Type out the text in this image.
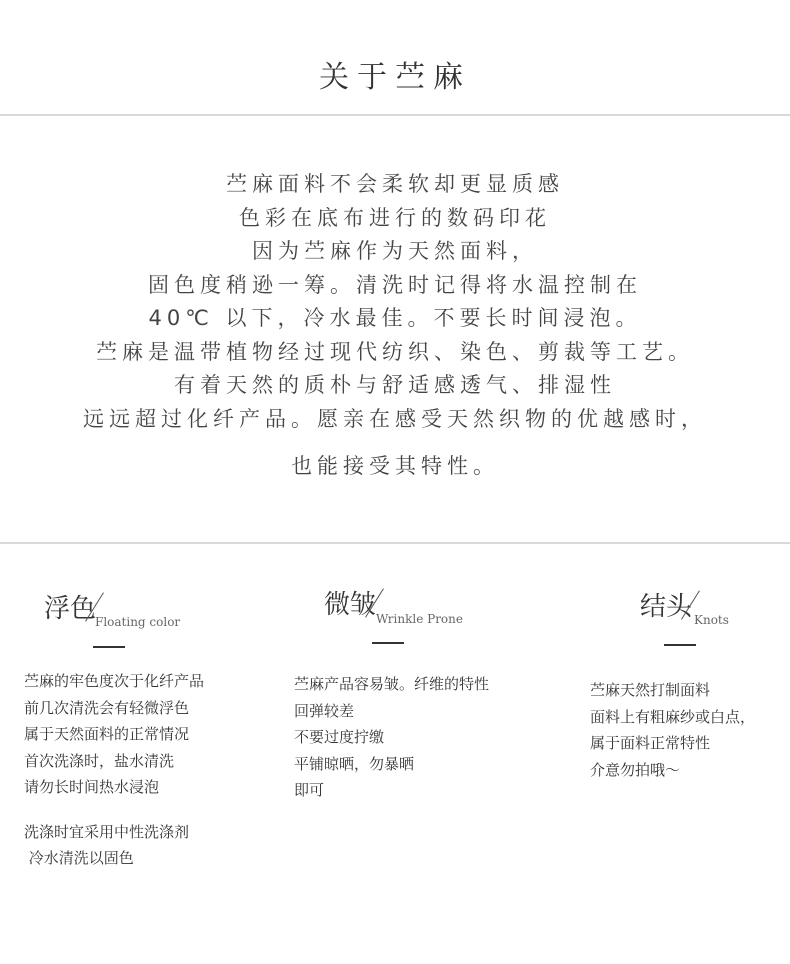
关于苎麻
苎麻面料不会柔软却更显质感
色彩在底布进行的数码印花
因为苎麻作为天然面料，
固色度稍逊一筹。清洗时记得将水温控制在
40℃ 以下，冷水最佳。不要长时间浸泡。
苎麻是温带植物经过现代纺织、染色、剪裁等工艺。
有着天然的质朴与舒适感透气、排湿性
远远超过化纤产品。愿亲在感受天然织物的优越感时，
也能接受其特性。
浮色
Floating color
苎麻的牢色度次于化纤产品
前几次清洗会有轻微浮色
属于天然面料的正常情况
首次洗涤时，盐水清洗
请勿长时间热水浸泡
洗涤时宜采用中性洗涤剂
冷水清洗以固色
微皱 Wrinkle Prone
苎麻产品容易皱。纤维的特性
回弹较差
不要过度拧缴
平铺晾晒，勿暴晒
即可
结头 Knots
苎麻天然打制面料
面料上有粗麻纱或白点，
属于面料正常特性
介意勿拍哦～
